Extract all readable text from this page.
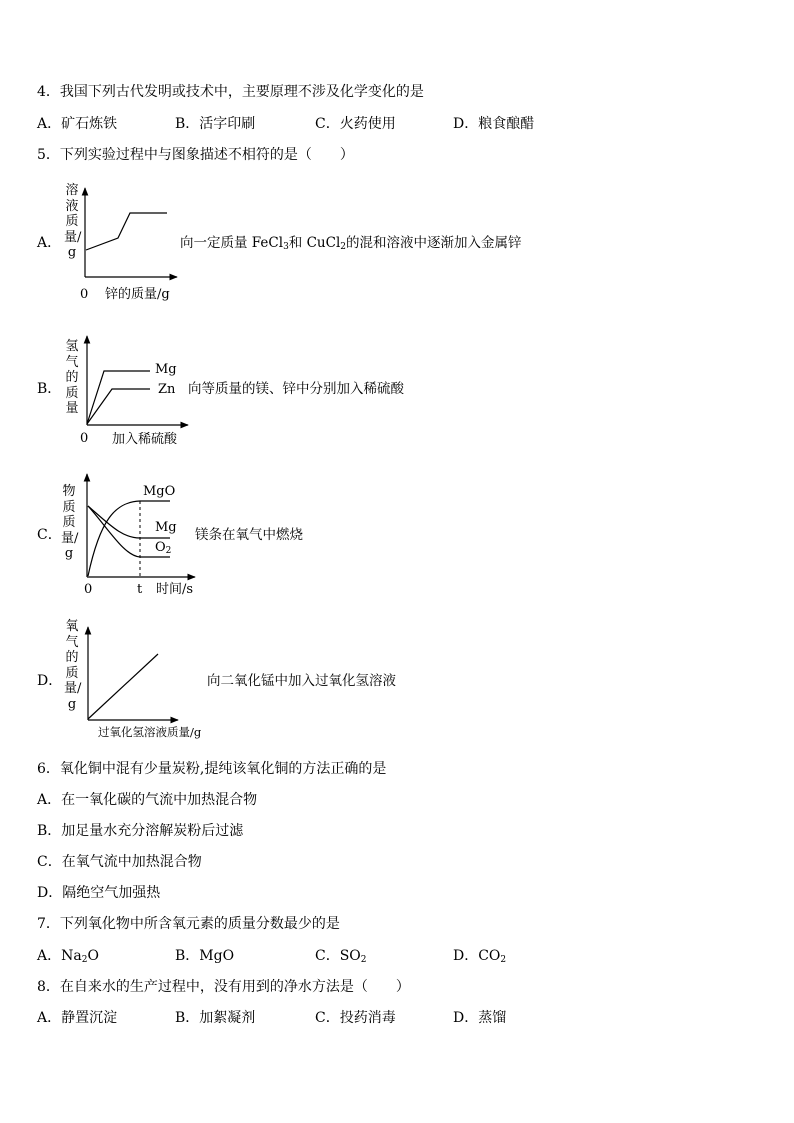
4．我国下列古代发明或技术中，主要原理不涉及化学变化的是
A．矿石炼铁	B．活字印刷	C．火药使用	D．粮食酿醋
5．下列实验过程中与图象描述不相符的是（　　）
A．
溶液质量/g
0 锌的质量/g
向一定质量 FeCl$_3$和 CuCl$_2$的混和溶液中逐渐加入金属锌
B．
氢气的质量
Mg
Zn
0 加入稀硫酸
向等质量的镁、锌中分别加入稀硫酸
C．
物质质量/g
MgO
Mg
$O_2$
0	t 时间/s
镁条在氧气中燃烧
D．
氧气的质量/g
过氧化氢溶液质量/g
向二氧化锰中加入过氧化氢溶液
6．氧化铜中混有少量炭粉,提纯该氧化铜的方法正确的是
A．在一氧化碳的气流中加热混合物
B．加足量水充分溶解炭粉后过滤
C．在氧气流中加热混合物
D．隔绝空气加强热
7．下列氧化物中所含氧元素的质量分数最少的是
A．$Na_2O$	B．MgO	C．$SO_2$	D．$CO_2$
8．在自来水的生产过程中，没有用到的净水方法是（　　）
A．静置沉淀	B．加絮凝剂	C．投药消毒	D．蒸馏
